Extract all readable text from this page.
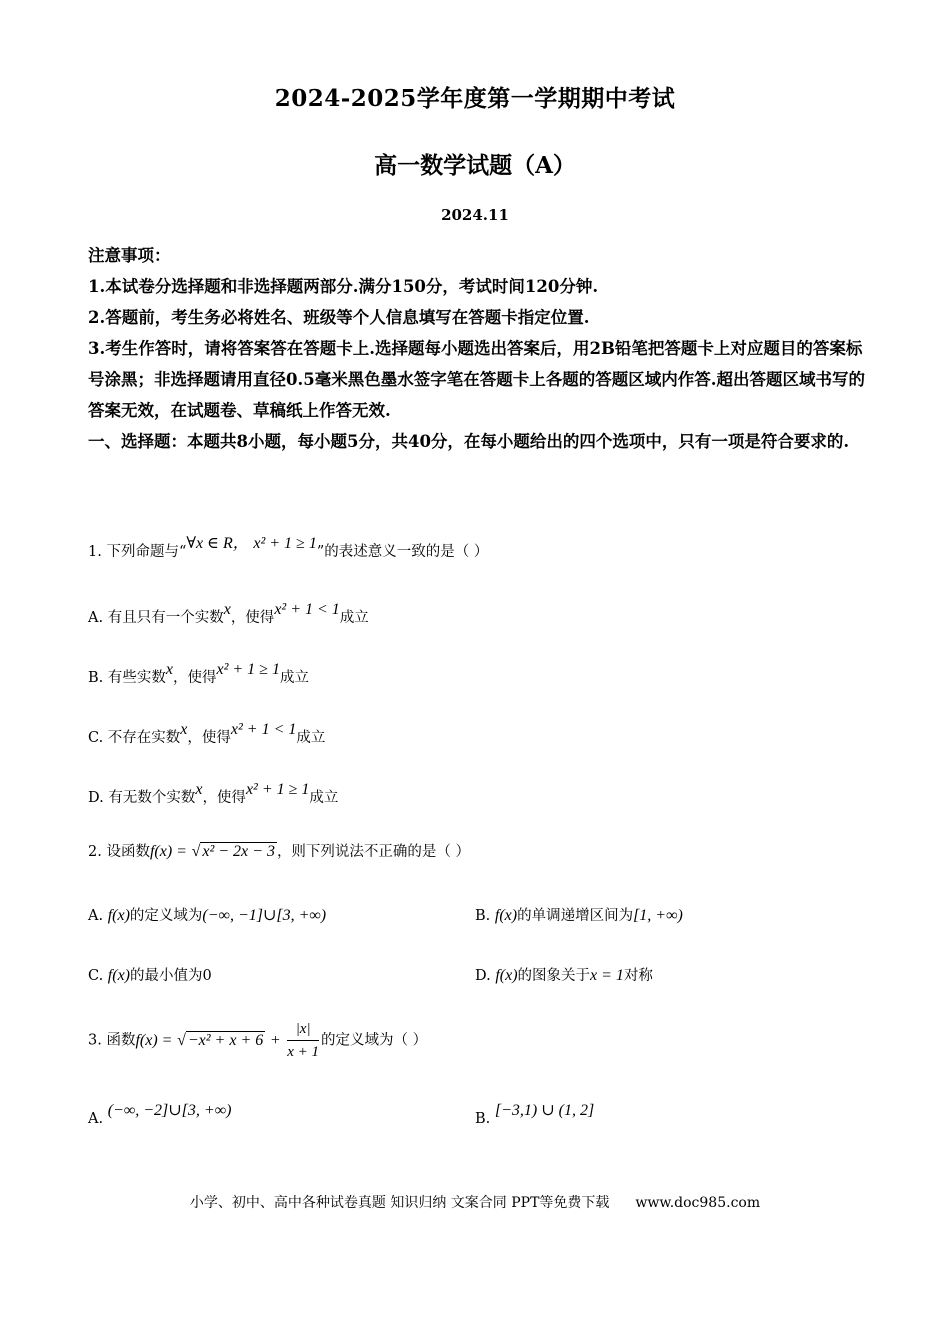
2024-2025学年度第一学期期中考试
高一数学试题（A）
2024.11

注意事项：

1.本试卷分选择题和非选择题两部分.满分150分，考试时间120分钟.

2.答题前，考生务必将姓名、班级等个人信息填写在答题卡指定位置.

3.考生作答时，请将答案答在答题卡上.选择题每小题选出答案后，用2B铅笔把答题卡上对应题目的答案标号涂黑；非选择题请用直径0.5毫米黑色墨水签字笔在答题卡上各题的答题区域内作答.超出答题区域书写的答案无效，在试题卷、草稿纸上作答无效.

一、选择题：本题共8小题，每小题5分，共40分，在每小题给出的四个选项中，只有一项是符合要求的.

1. 下列命题与“∀x ∈ R， x² + 1 ≥ 1”的表述意义一致的是（ ）
A. 有且只有一个实数x，使得x² + 1 < 1成立
B. 有些实数x，使得x² + 1 ≥ 1成立
C. 不存在实数x，使得x² + 1 < 1成立
D. 有无数个实数x，使得x² + 1 ≥ 1成立
2. 设函数f(x) = √ x² − 2x − 3 ，则下列说法不正确的是（ ）
A. f(x)的定义域为(−∞, −1]∪[3, +∞)	B. f(x)的单调递增区间为[1, +∞)
C. f(x)的最小值为0	D. f(x)的图象关于x = 1对称
3. 函数f(x) = √ $-x^2 + x + 6 + \frac{|x|}{x + 1}$ 的定义域为（ ）
A. (−∞, −2]∪[3, +∞)	B. [−3,1) ∪ (1, 2]
小学、初中、高中各种试卷真题 知识归纳 文案合同 PPT等免费下载 www.doc985.com
